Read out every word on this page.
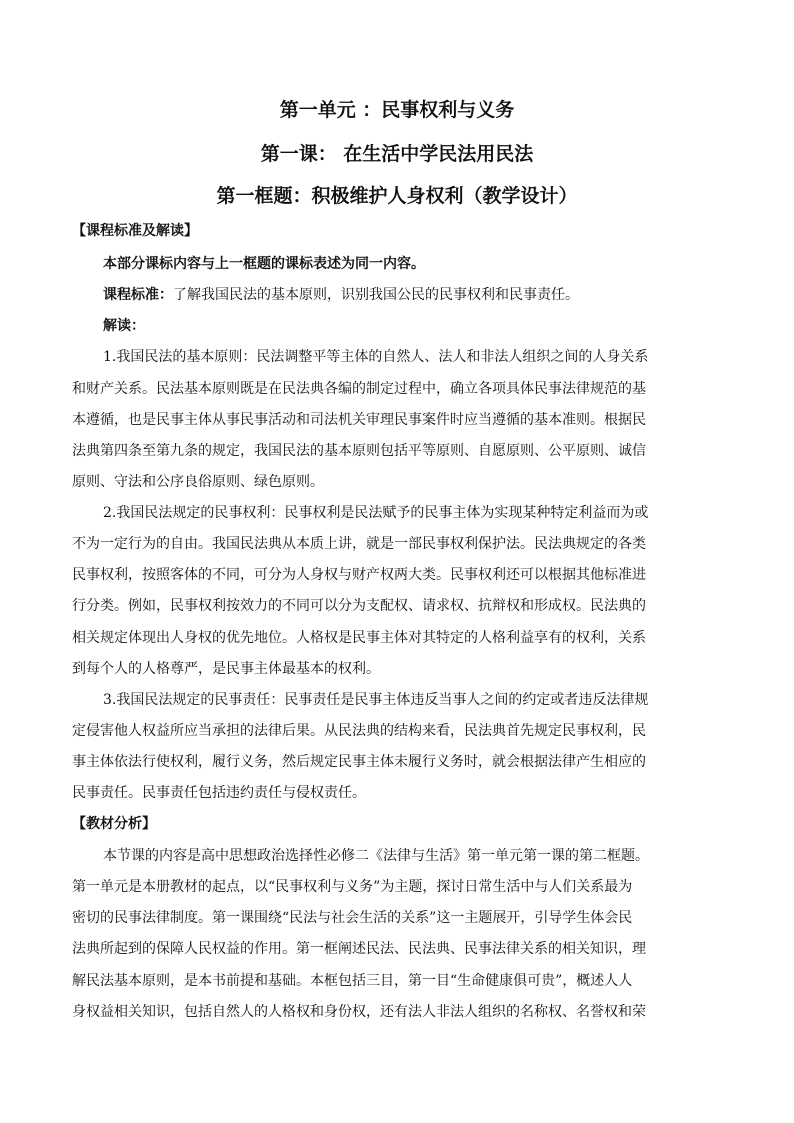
第一单元 ：民事权利与义务
第一课： 在生活中学民法用民法
第一框题：积极维护人身权利（教学设计）
【课程标准及解读】
本部分课标内容与上一框题的课标表述为同一内容。
课程标准：了解我国民法的基本原则，识别我国公民的民事权利和民事责任。
解读：
1.我国民法的基本原则：民法调整平等主体的自然人、法人和非法人组织之间的人身关系
和财产关系。民法基本原则既是在民法典各编的制定过程中，确立各项具体民事法律规范的基
本遵循，也是民事主体从事民事活动和司法机关审理民事案件时应当遵循的基本准则。根据民
法典第四条至第九条的规定，我国民法的基本原则包括平等原则、自愿原则、公平原则、诚信
原则、守法和公序良俗原则、绿色原则。
2.我国民法规定的民事权利：民事权利是民法赋予的民事主体为实现某种特定利益而为或
不为一定行为的自由。我国民法典从本质上讲，就是一部民事权利保护法。民法典规定的各类
民事权利，按照客体的不同，可分为人身权与财产权两大类。民事权利还可以根据其他标准进
行分类。例如，民事权利按效力的不同可以分为支配权、请求权、抗辩权和形成权。民法典的
相关规定体现出人身权的优先地位。人格权是民事主体对其特定的人格利益享有的权利，关系
到每个人的人格尊严，是民事主体最基本的权利。
3.我国民法规定的民事责任：民事责任是民事主体违反当事人之间的约定或者违反法律规
定侵害他人权益所应当承担的法律后果。从民法典的结构来看，民法典首先规定民事权利，民
事主体依法行使权利，履行义务，然后规定民事主体未履行义务时，就会根据法律产生相应的
民事责任。民事责任包括违约责任与侵权责任。
【教材分析】
本节课的内容是高中思想政治选择性必修二《法律与生活》第一单元第一课的第二框题。
第一单元是本册教材的起点，以“民事权利与义务”为主题，探讨日常生活中与人们关系最为
密切的民事法律制度。第一课围绕“民法与社会生活的关系”这一主题展开，引导学生体会民
法典所起到的保障人民权益的作用。第一框阐述民法、民法典、民事法律关系的相关知识，理
解民法基本原则，是本书前提和基础。本框包括三目，第一目“生命健康俱可贵”，概述人人
身权益相关知识，包括自然人的人格权和身份权，还有法人非法人组织的名称权、名誉权和荣
